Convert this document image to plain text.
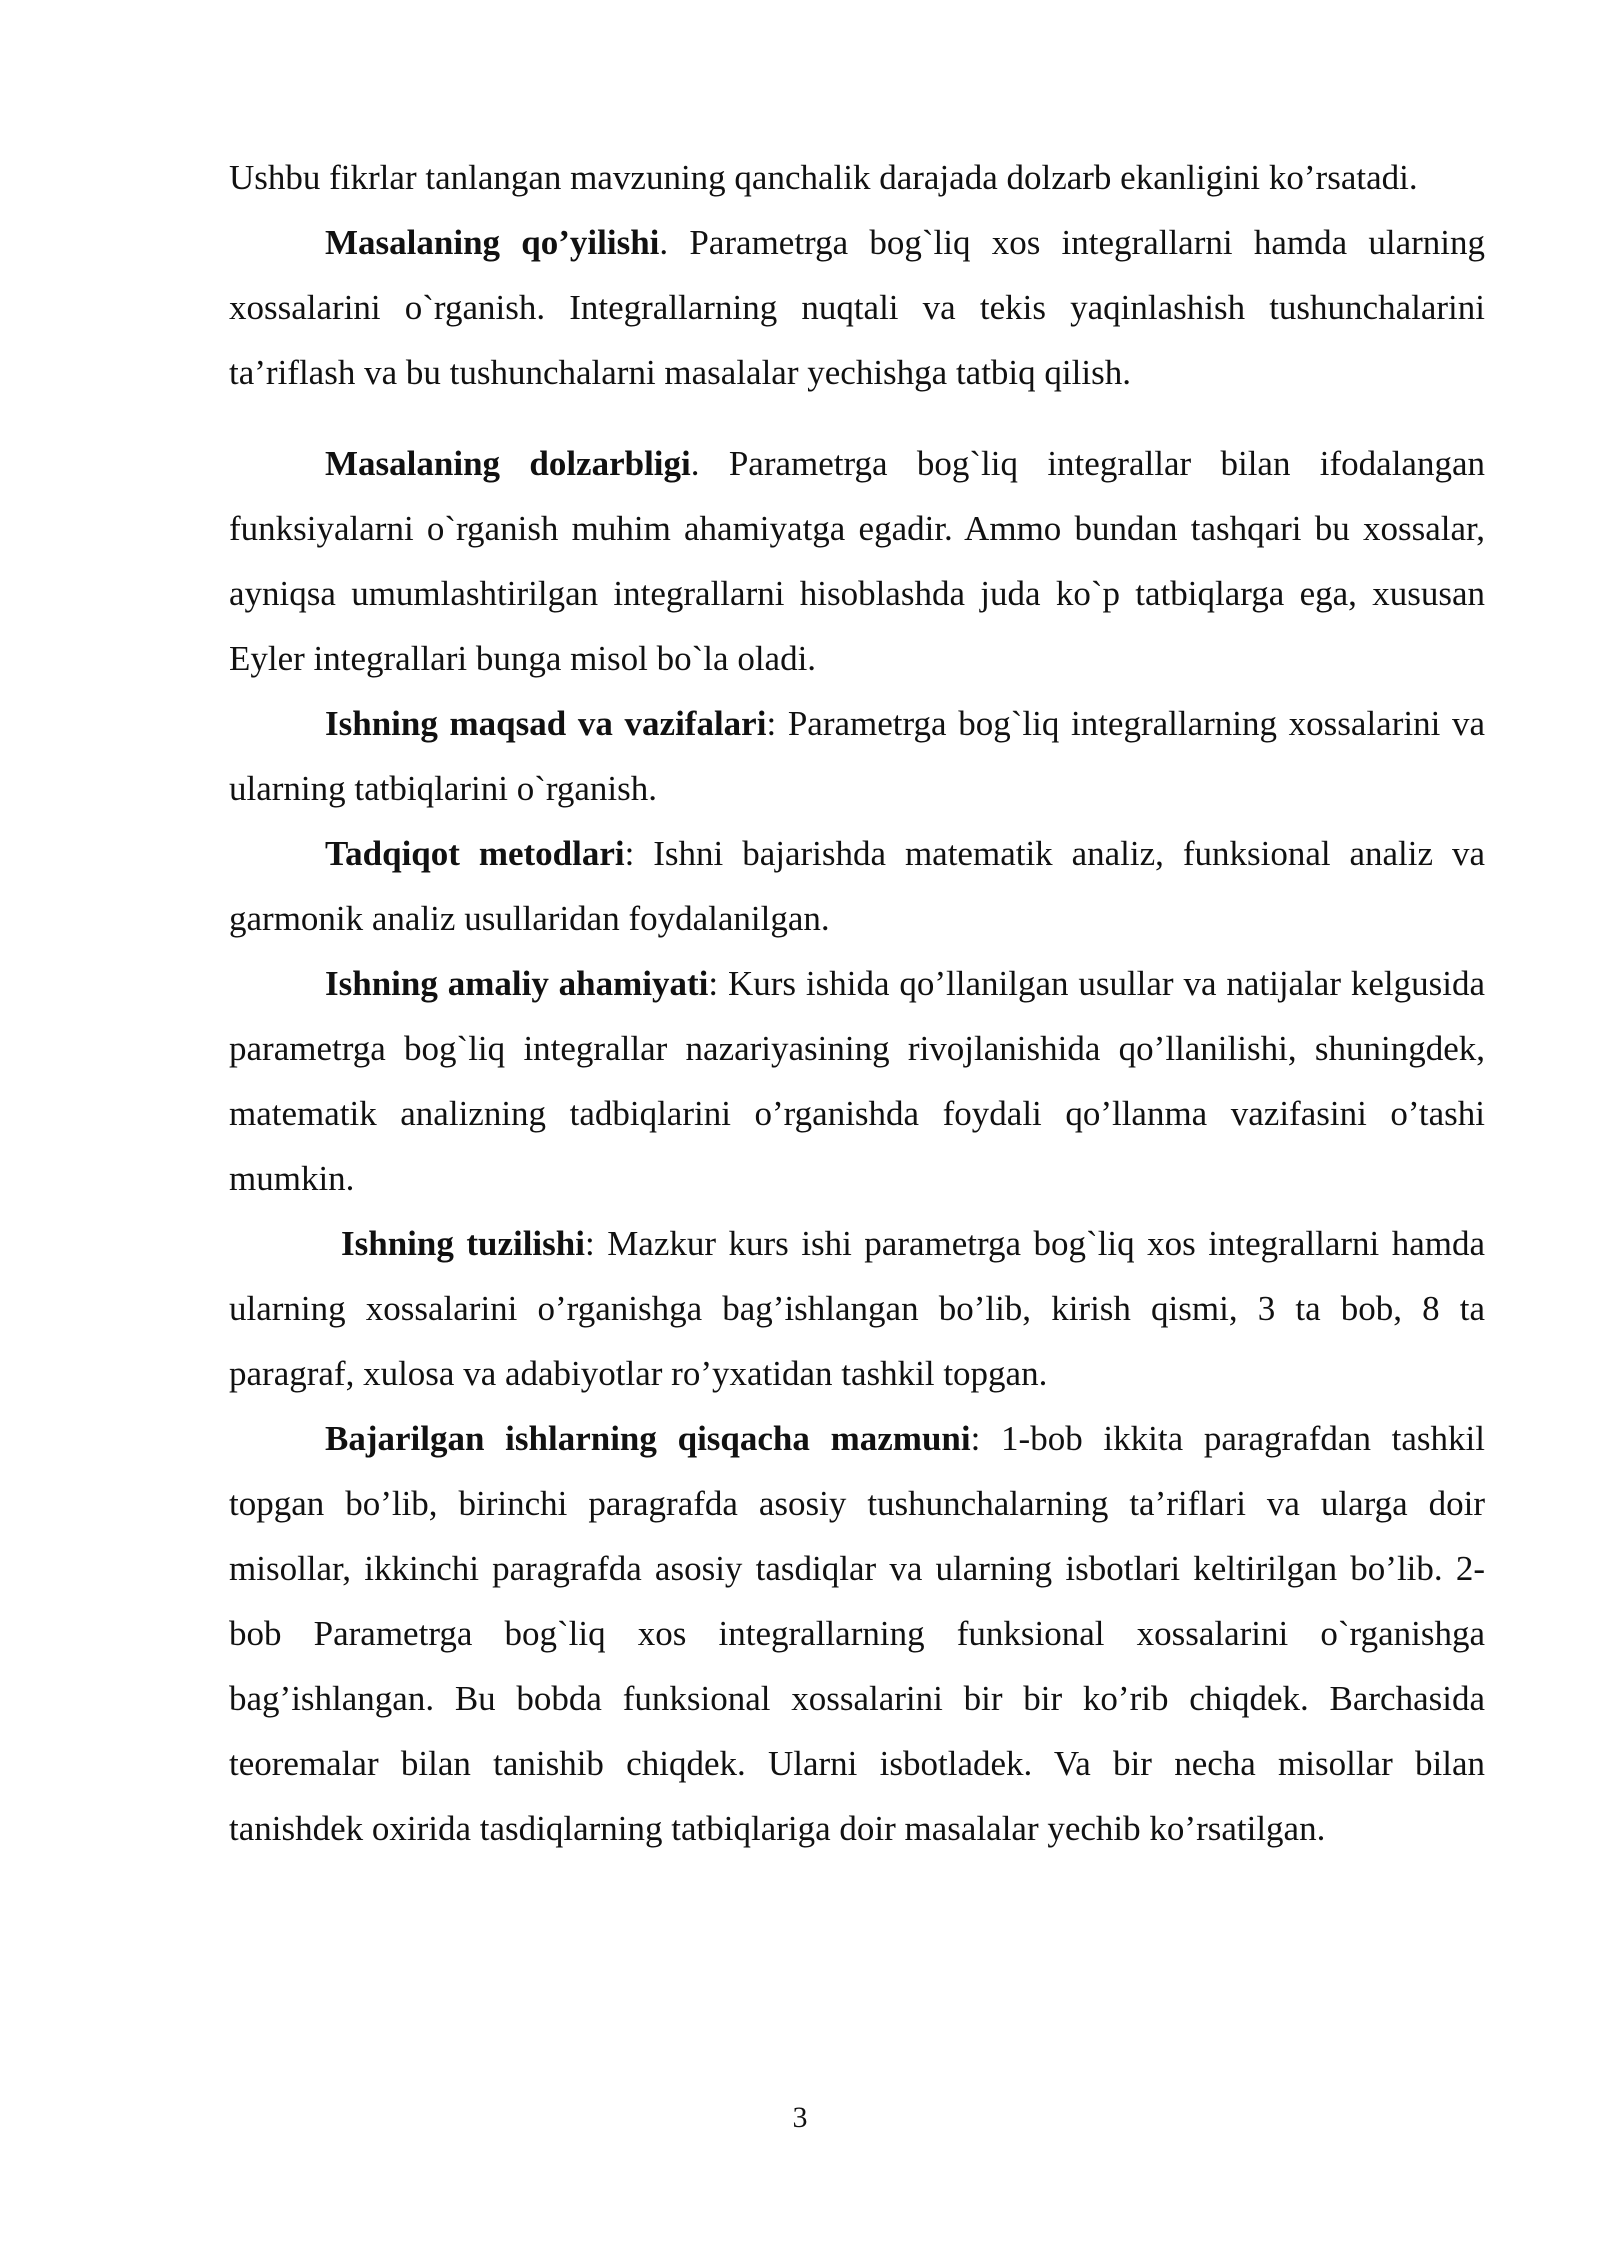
Ushbu fikrlar tanlangan mavzuning qanchalik darajada dolzarb ekanligini ko’rsatadi.

Masalaning qo’yilishi. Parametrga bog`liq xos integrallarni hamda ularning xossalarini o`rganish. Integrallarning nuqtali va tekis yaqinlashish tushunchalarini ta’riflash va bu tushunchalarni masalalar yechishga tatbiq qilish.

Masalaning dolzarbligi. Parametrga bog`liq integrallar bilan ifodalangan funksiyalarni o`rganish muhim ahamiyatga egadir. Ammo bundan tashqari bu xossalar, ayniqsa umumlashtirilgan integrallarni hisoblashda juda ko`p tatbiqlarga ega, xususan Eyler integrallari bunga misol bo`la oladi.

Ishning maqsad va vazifalari: Parametrga bog`liq integrallarning xossalarini va ularning tatbiqlarini o`rganish.

Tadqiqot metodlari: Ishni bajarishda matematik analiz, funksional analiz va garmonik analiz usullaridan foydalanilgan.

Ishning amaliy ahamiyati: Kurs ishida qo’llanilgan usullar va natijalar kelgusida parametrga bog`liq integrallar nazariyasining rivojlanishida qo’llanilishi, shuningdek, matematik analizning tadbiqlarini o’rganishda foydali qo’llanma vazifasini o’tashi mumkin.

Ishning tuzilishi: Mazkur kurs ishi parametrga bog`liq xos integrallarni hamda ularning xossalarini o’rganishga bag’ishlangan bo’lib, kirish qismi, 3 ta bob, 8 ta paragraf, xulosa va adabiyotlar ro’yxatidan tashkil topgan.

Bajarilgan ishlarning qisqacha mazmuni: 1-bob ikkita paragrafdan tashkil topgan bo’lib, birinchi paragrafda asosiy tushunchalarning ta’riflari va ularga doir misollar, ikkinchi paragrafda asosiy tasdiqlar va ularning isbotlari keltirilgan bo’lib. 2-bob Parametrga bog`liq xos integrallarning funksional xossalarini o`rganishga bag’ishlangan. Bu bobda funksional xossalarini bir bir ko’rib chiqdek. Barchasida teoremalar bilan tanishib chiqdek. Ularni isbotladek. Va bir necha misollar bilan tanishdek oxirida tasdiqlarning tatbiqlariga doir masalalar yechib ko’rsatilgan.

3
